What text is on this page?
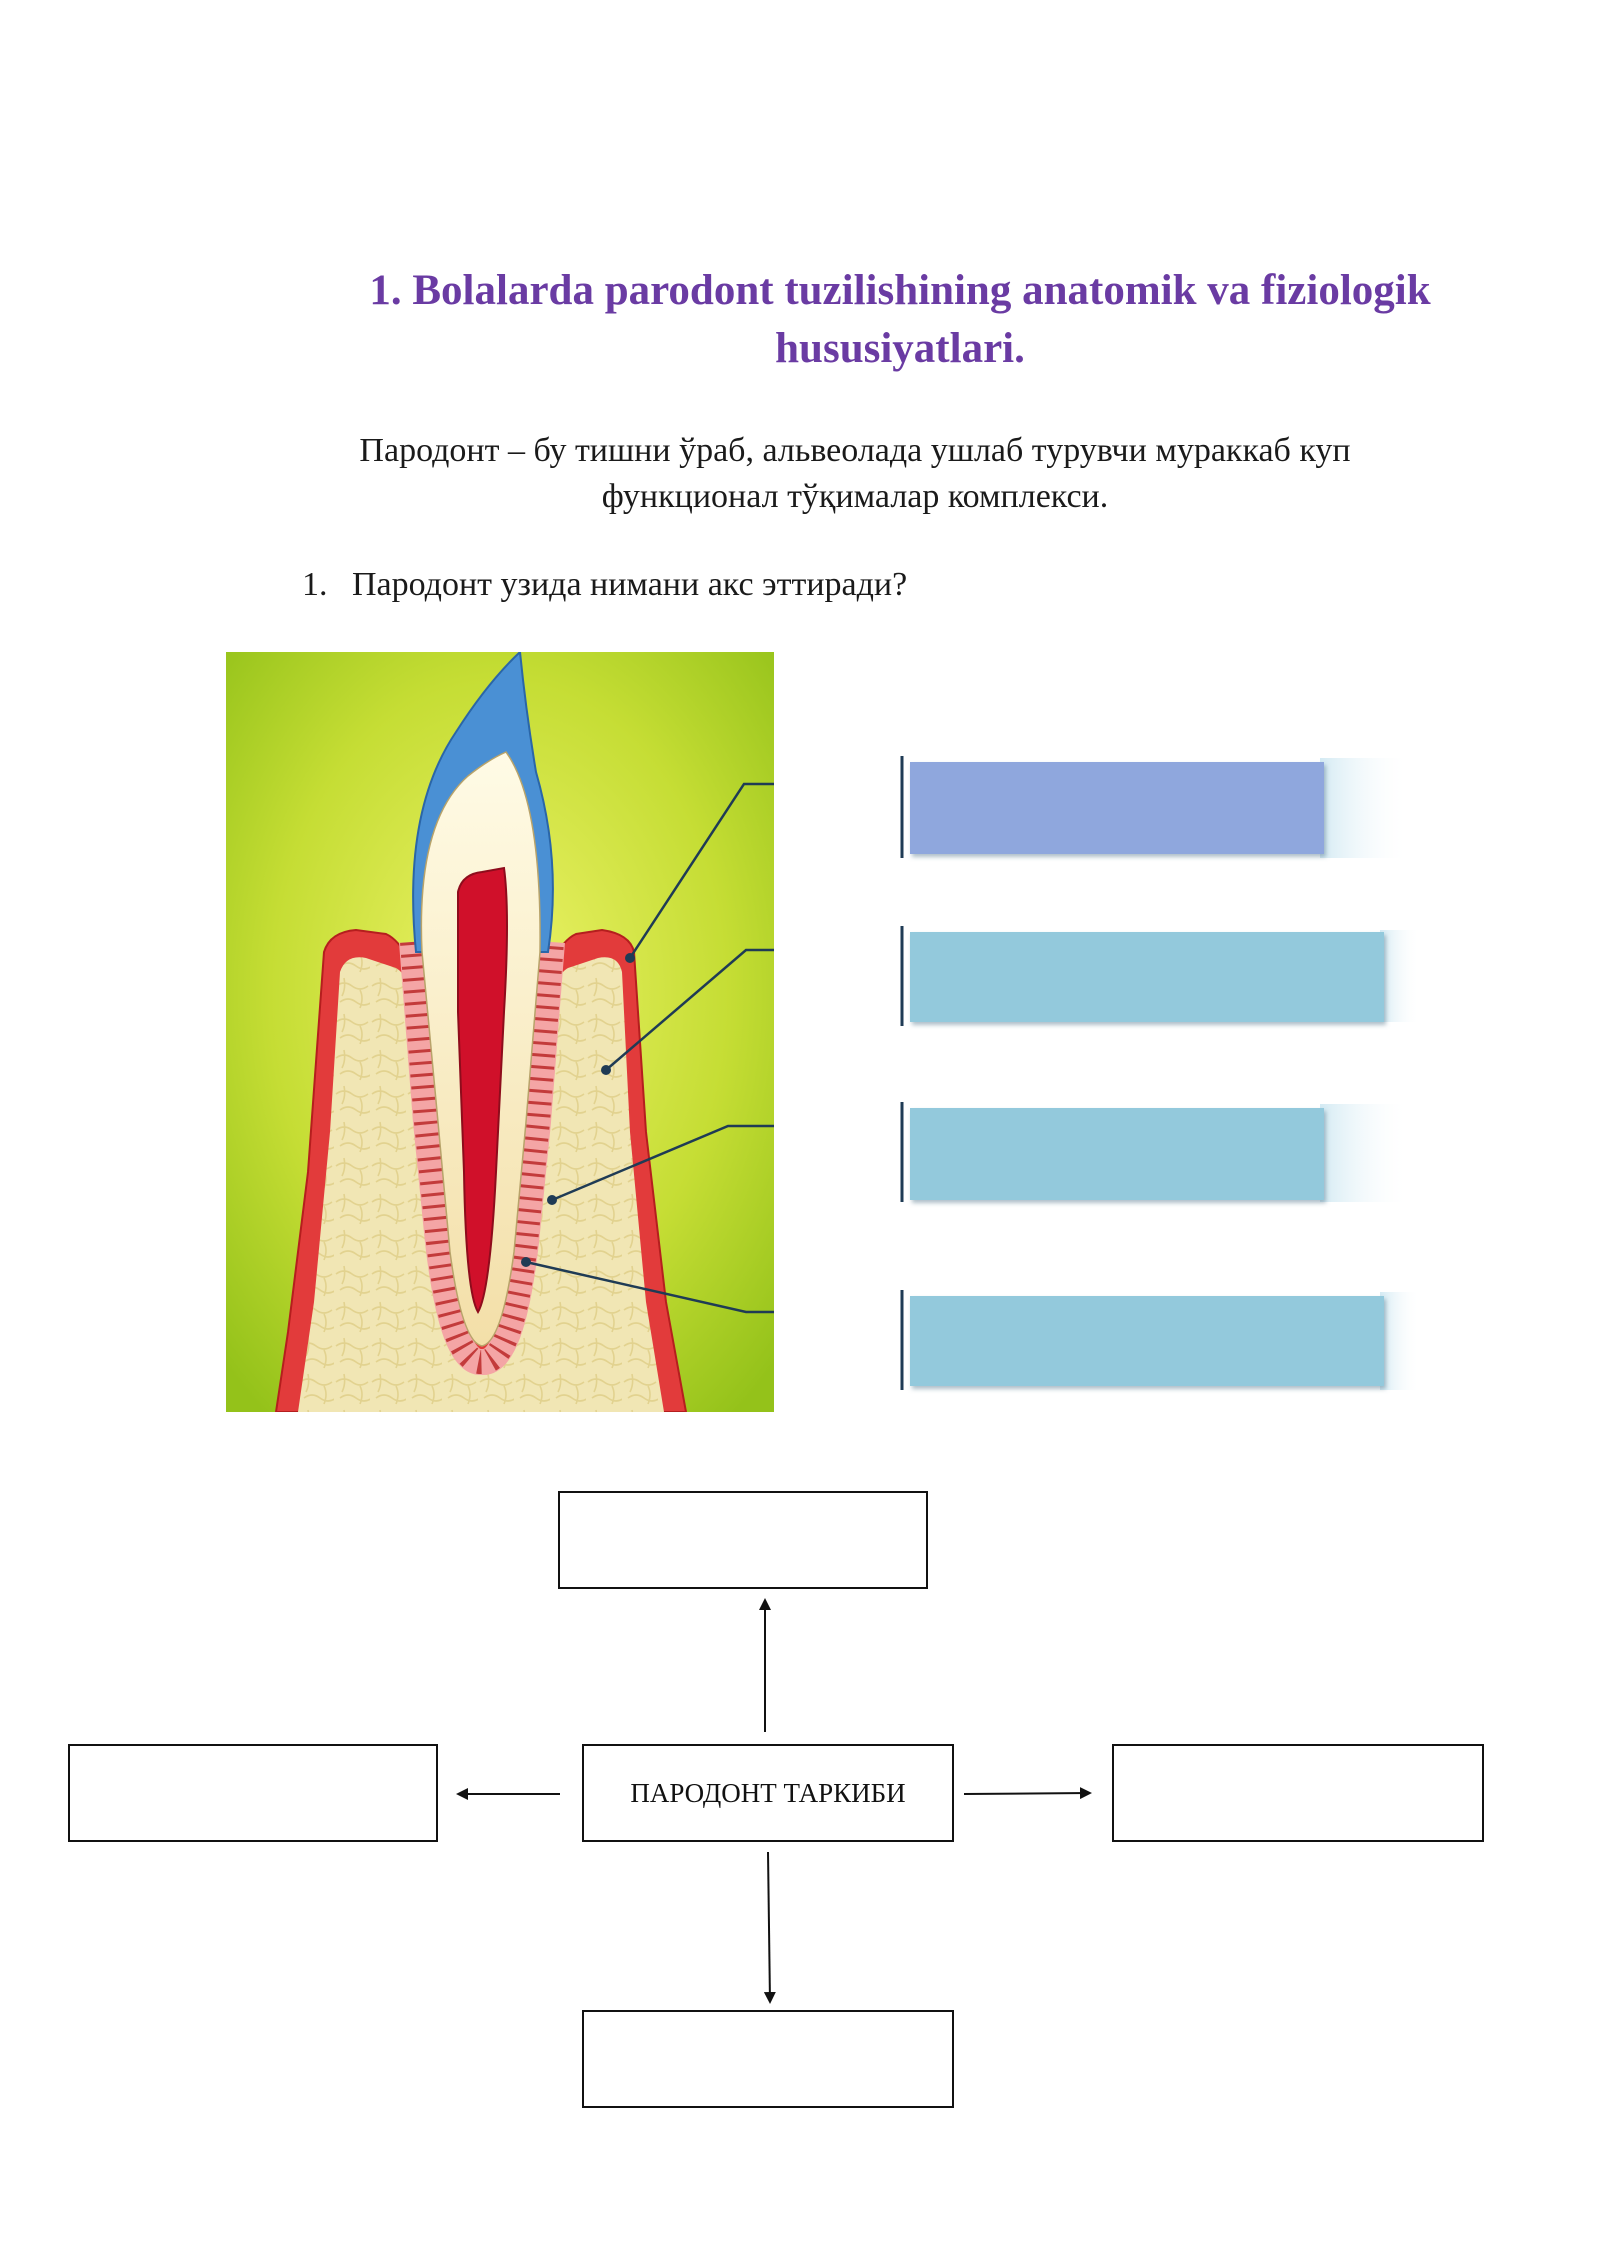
1. Bolalarda parodont tuzilishining anatomik va fiziologik
hususiyatlari.

Пародонт – бу тишни ўраб, альвеолада ушлаб турувчи мураккаб куп
функционал тўқималар комплекси.

1. Пародонт узида нимани акс эттиради?

ПАРОДОНТ ТАРКИБИ
